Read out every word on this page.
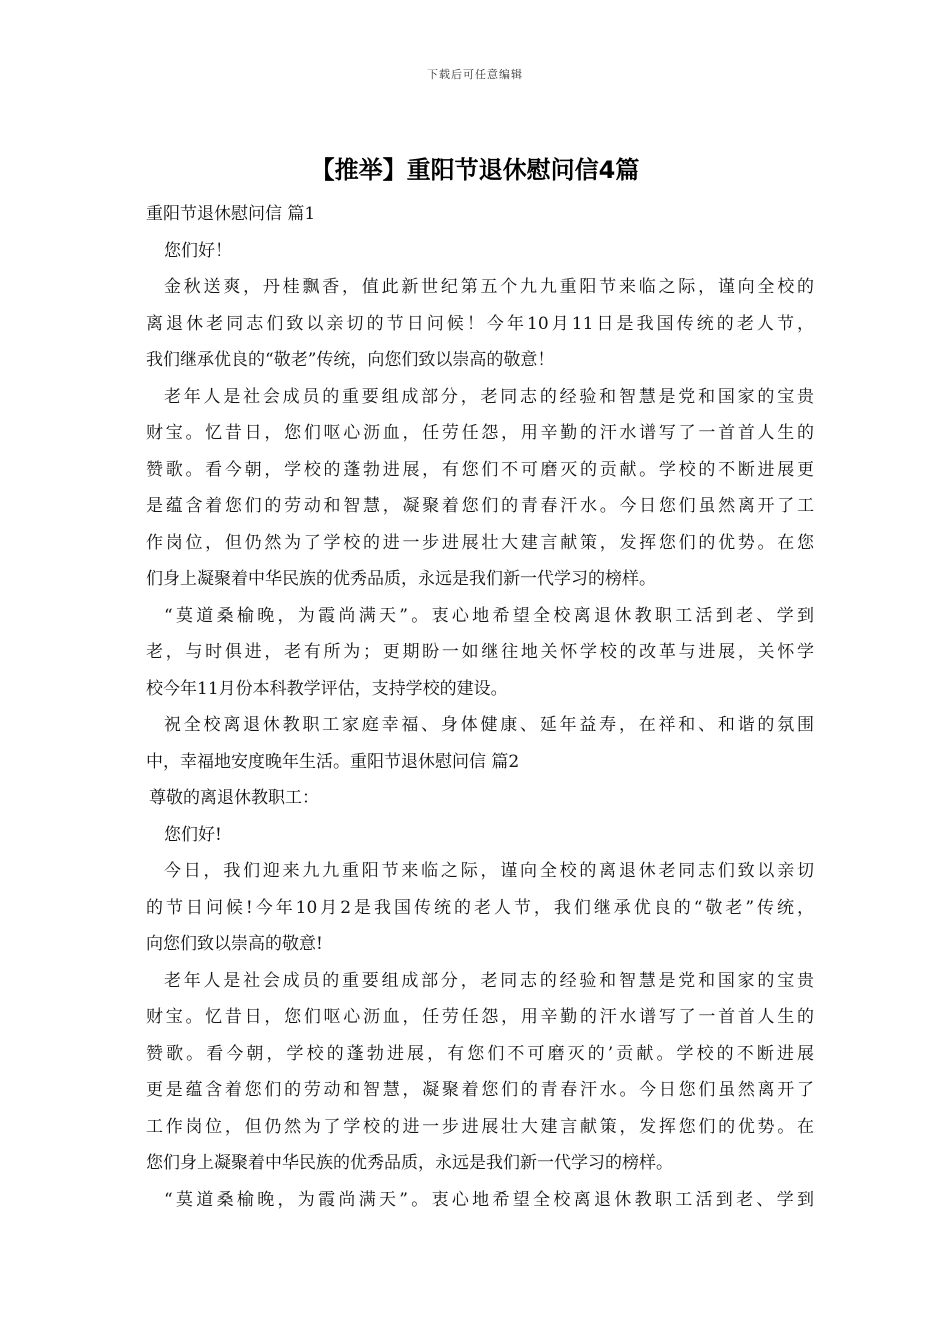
下载后可任意编辑
【推举】重阳节退休慰问信4篇
重阳节退休慰问信 篇1
您们好！
金秋送爽，丹桂飘香，值此新世纪第五个九九重阳节来临之际，谨向全校的
离退休老同志们致以亲切的节日问候！今年10月11日是我国传统的老人节，
我们继承优良的“敬老”传统，向您们致以崇高的敬意！
老年人是社会成员的重要组成部分，老同志的经验和智慧是党和国家的宝贵
财宝。忆昔日，您们呕心沥血，任劳任怨，用辛勤的汗水谱写了一首首人生的
赞歌。看今朝，学校的蓬勃进展，有您们不可磨灭的贡献。学校的不断进展更
是蕴含着您们的劳动和智慧，凝聚着您们的青春汗水。今日您们虽然离开了工
作岗位，但仍然为了学校的进一步进展壮大建言献策，发挥您们的优势。在您
们身上凝聚着中华民族的优秀品质，永远是我们新一代学习的榜样。
“莫道桑榆晚，为霞尚满天”。衷心地希望全校离退休教职工活到老、学到
老，与时俱进，老有所为；更期盼一如继往地关怀学校的改革与进展，关怀学
校今年11月份本科教学评估，支持学校的建设。
祝全校离退休教职工家庭幸福、身体健康、延年益寿，在祥和、和谐的氛围
中，幸福地安度晚年生活。重阳节退休慰问信 篇2
尊敬的离退休教职工：
您们好!
今日，我们迎来九九重阳节来临之际，谨向全校的离退休老同志们致以亲切
的节日问候!今年10月2是我国传统的老人节，我们继承优良的“敬老”传统，
向您们致以崇高的敬意!
老年人是社会成员的重要组成部分，老同志的经验和智慧是党和国家的宝贵
财宝。忆昔日，您们呕心沥血，任劳任怨，用辛勤的汗水谱写了一首首人生的
赞歌。看今朝，学校的蓬勃进展，有您们不可磨灭的’贡献。学校的不断进展
更是蕴含着您们的劳动和智慧，凝聚着您们的青春汗水。今日您们虽然离开了
工作岗位，但仍然为了学校的进一步进展壮大建言献策，发挥您们的优势。在
您们身上凝聚着中华民族的优秀品质，永远是我们新一代学习的榜样。
“莫道桑榆晚，为霞尚满天”。衷心地希望全校离退休教职工活到老、学到
